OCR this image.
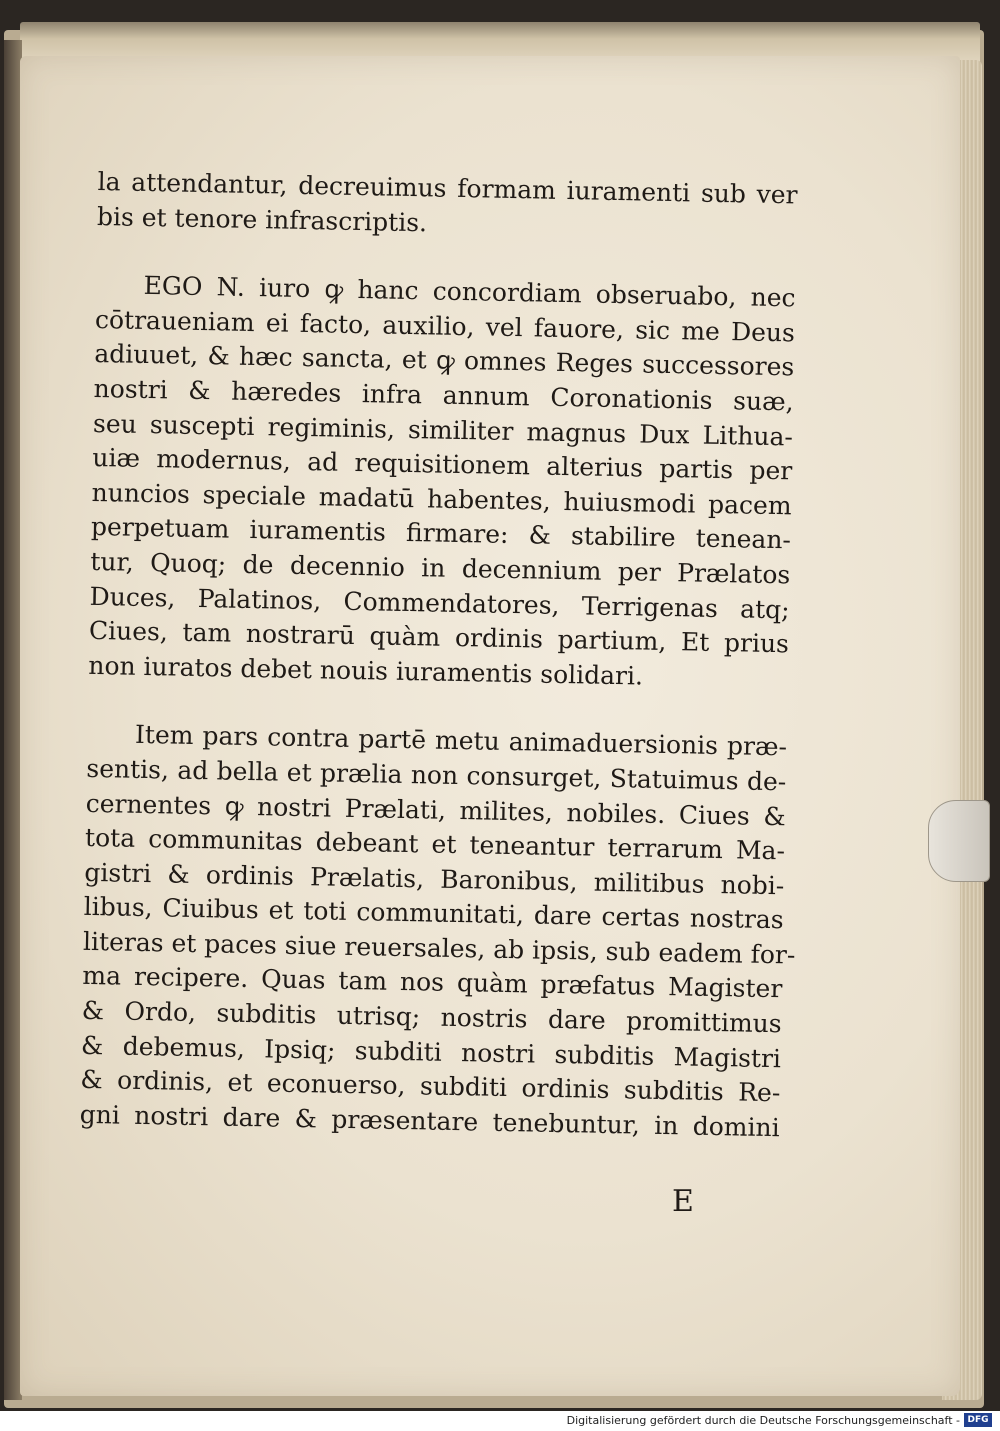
la attendantur, decreuimus formam iuramenti sub ver
bis et tenore infrascriptis.
EGO N. iuro ꝙ hanc concordiam obseruabo, nec
cōtraueniam ei facto, auxilio, vel fauore, sic me Deus
adiuuet, & hæc sancta, et ꝙ omnes Reges successores
nostri & hæredes infra annum Coronationis suæ,
seu suscepti regiminis, similiter magnus Dux Lithua-
uiæ modernus, ad requisitionem alterius partis per
nuncios speciale madatū habentes, huiusmodi pacem
perpetuam iuramentis firmare: & stabilire tenean-
tur, Quoq; de decennio in decennium per Prælatos
Duces, Palatinos, Commendatores, Terrigenas atq;
Ciues, tam nostrarū quàm ordinis partium, Et prius
non iuratos debet nouis iuramentis solidari.
Item pars contra partē metu animaduersionis præ-
sentis, ad bella et prælia non consurget, Statuimus de-
cernentes ꝙ nostri Prælati, milites, nobiles. Ciues &
tota communitas debeant et teneantur terrarum Ma-
gistri & ordinis Prælatis, Baronibus, militibus nobi-
libus, Ciuibus et toti communitati, dare certas nostras
literas et paces siue reuersales, ab ipsis, sub eadem for-
ma recipere. Quas tam nos quàm præfatus Magister
& Ordo, subditis utrisq; nostris dare promittimus
& debemus, Ipsiq; subditi nostri subditis Magistri
& ordinis, et econuerso, subditi ordinis subditis Re-
gni nostri dare & præsentare tenebuntur, in domini
E
Digitalisierung gefördert durch die Deutsche Forschungsgemeinschaft - DFG
